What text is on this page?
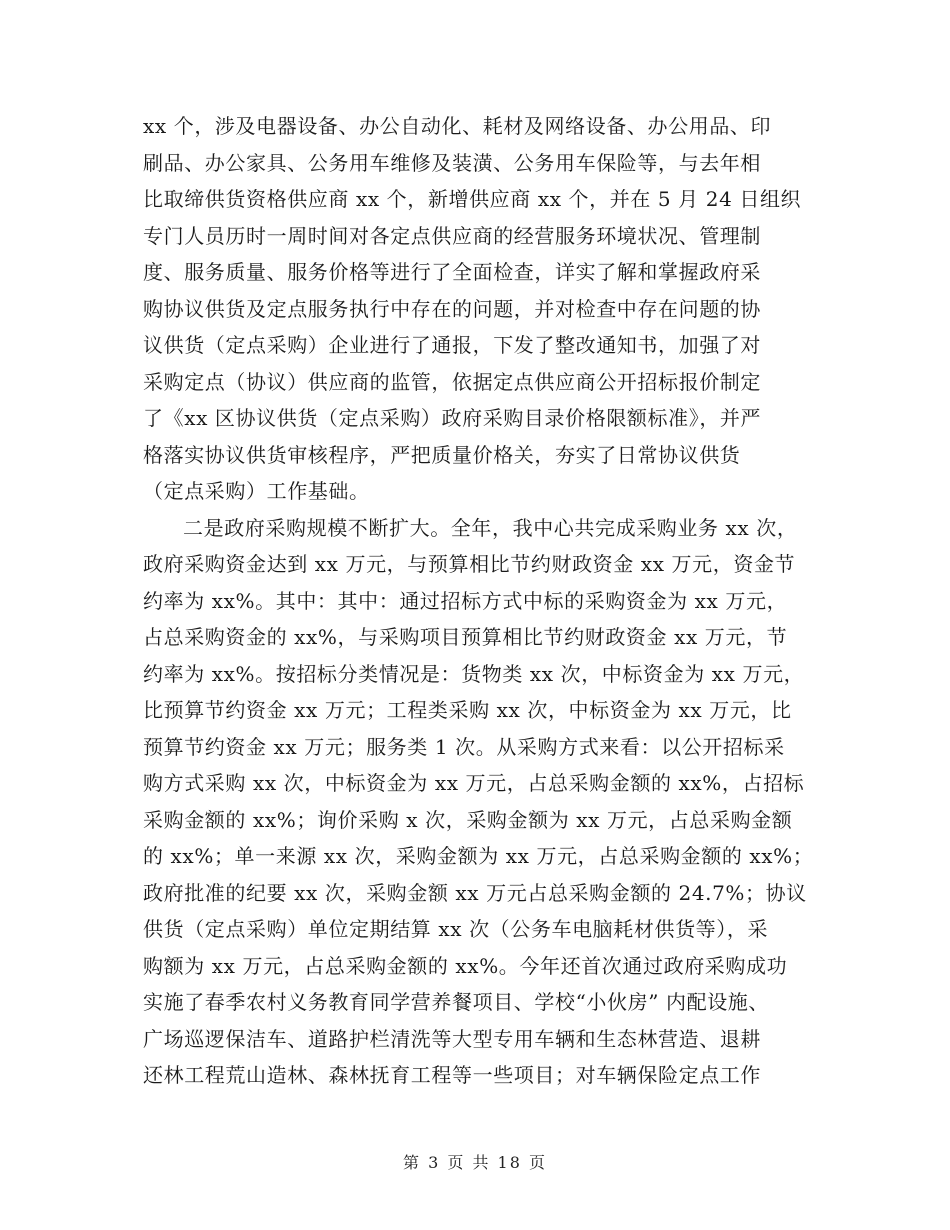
xx 个，涉及电器设备、办公自动化、耗材及网络设备、办公用品、印
刷品、办公家具、公务用车维修及装潢、公务用车保险等，与去年相
比取缔供货资格供应商 xx 个，新增供应商 xx 个，并在 5 月 24 日组织
专门人员历时一周时间对各定点供应商的经营服务环境状况、管理制
度、服务质量、服务价格等进行了全面检查，详实了解和掌握政府采
购协议供货及定点服务执行中存在的问题，并对检查中存在问题的协
议供货（定点采购）企业进行了通报，下发了整改通知书，加强了对
采购定点（协议）供应商的监管，依据定点供应商公开招标报价制定
了《xx 区协议供货（定点采购）政府采购目录价格限额标准》，并严
格落实协议供货审核程序，严把质量价格关，夯实了日常协议供货
（定点采购）工作基础。
二是政府采购规模不断扩大。全年，我中心共完成采购业务 xx 次，
政府采购资金达到 xx 万元，与预算相比节约财政资金 xx 万元，资金节
约率为 xx%。其中：其中：通过招标方式中标的采购资金为 xx 万元，
占总采购资金的 xx%，与采购项目预算相比节约财政资金 xx 万元，节
约率为 xx%。按招标分类情况是：货物类 xx 次，中标资金为 xx 万元，
比预算节约资金 xx 万元；工程类采购 xx 次，中标资金为 xx 万元，比
预算节约资金 xx 万元；服务类 1 次。从采购方式来看：以公开招标采
购方式采购 xx 次，中标资金为 xx 万元，占总采购金额的 xx%，占招标
采购金额的 xx%；询价采购 x 次，采购金额为 xx 万元，占总采购金额
的 xx%；单一来源 xx 次，采购金额为 xx 万元，占总采购金额的 xx%；
政府批准的纪要 xx 次，采购金额 xx 万元占总采购金额的 24.7%；协议
供货（定点采购）单位定期结算 xx 次（公务车电脑耗材供货等），采
购额为 xx 万元，占总采购金额的 xx%。今年还首次通过政府采购成功
实施了春季农村义务教育同学营养餐项目、学校“小伙房” 内配设施、
广场巡逻保洁车、道路护栏清洗等大型专用车辆和生态林营造、退耕
还林工程荒山造林、森林抚育工程等一些项目；对车辆保险定点工作
第 3 页 共 18 页
